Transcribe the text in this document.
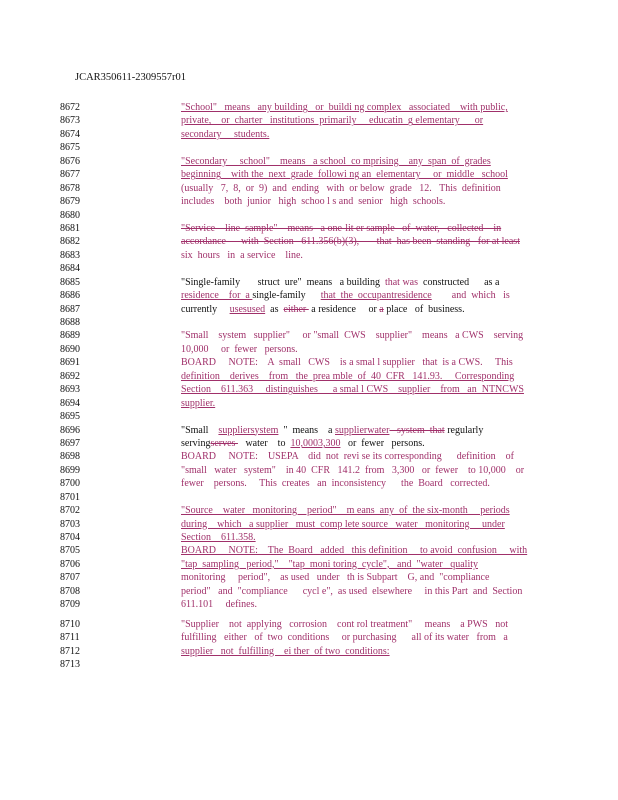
JCAR350611-2309557r01
8672
8673
8674
8675
8676
8677
8678
8679
8680
8681
8682
8683
8684
8685
8686
8687
8688
8689
8690
8691
8692
8693
8694
8695
8696
8697
8698
8699
8700
8701
8702
8703
8704
8705
8706
8707
8708
8709
8710
8711
8712
8713
"School"   means   any building   or  buildi ng complex   associated    with public,
private,    or  charter   institutions  primarily     educatin  g elementary      or
secondary     students.
"Secondary     school"    means   a school  co mprising    any  span  of  grades
beginning    with the  next  grade  followi ng an  elementary     or  middle   school
(usually   7,  8,  or  9)  and  ending   with  or below  grade   12.   This  definition
includes    both  junior   high  schoo l s and  senior   high  schools.
"Service    line  sample"    means   a one-lit er sample   of  water,   collected    in
accordance      with  Section   611.356(b)(3),       that  has been  standing   for at least
six  hours   in  a service    line.
"Single-family       struct  ure"  means   a building  that was  constructed      as a
residence    for  a single-family      that  the  occupantresidence        and  which   is
currently     usesused  as  either  a residence     or a place   of  business.
"Small    system   supplier"     or "small  CWS    supplier"    means   a CWS    serving
10,000     or  fewer   persons.
BOARD     NOTE:    A  small   CWS    is a smal l supplier   that  is a CWS.     This
definition    derives    from   the  prea mble  of  40  CFR   141.93.     Corresponding
Section    611.363     distinguishes      a smal l CWS    supplier    from   an  NTNCWS
supplier.
"Small    suppliersystem  "  means    a supplierwater   system  that regularly
servingserves    water    to  10,0003,300   or  fewer   persons.
BOARD     NOTE:    USEPA    did  not  revi se its corresponding      definition    of
"small   water   system"    in 40  CFR   141.2  from   3,300   or  fewer    to 10,000    or
fewer    persons.     This  creates   an  inconsistency      the  Board   corrected.
"Source    water   monitoring    period"    m eans  any  of  the six-month     periods
during    which   a supplier   must  comp lete source   water   monitoring     under
Section    611.358.
BOARD     NOTE:    The  Board   added   this definition     to avoid  confusion     with
"tap  sampling   period,"    "tap  moni toring  cycle",   and  "water   quality
monitoring     period",    as used   under   th is Subpart    G, and  "compliance
period"   and  "compliance      cycl e",  as used  elsewhere     in this Part  and  Section
611.101     defines.
"Supplier    not  applying   corrosion    cont rol treatment"     means    a PWS   not
fulfilling   either   of  two  conditions     or purchasing      all of its water   from   a
supplier   not  fulfilling    ei ther  of two  conditions:
